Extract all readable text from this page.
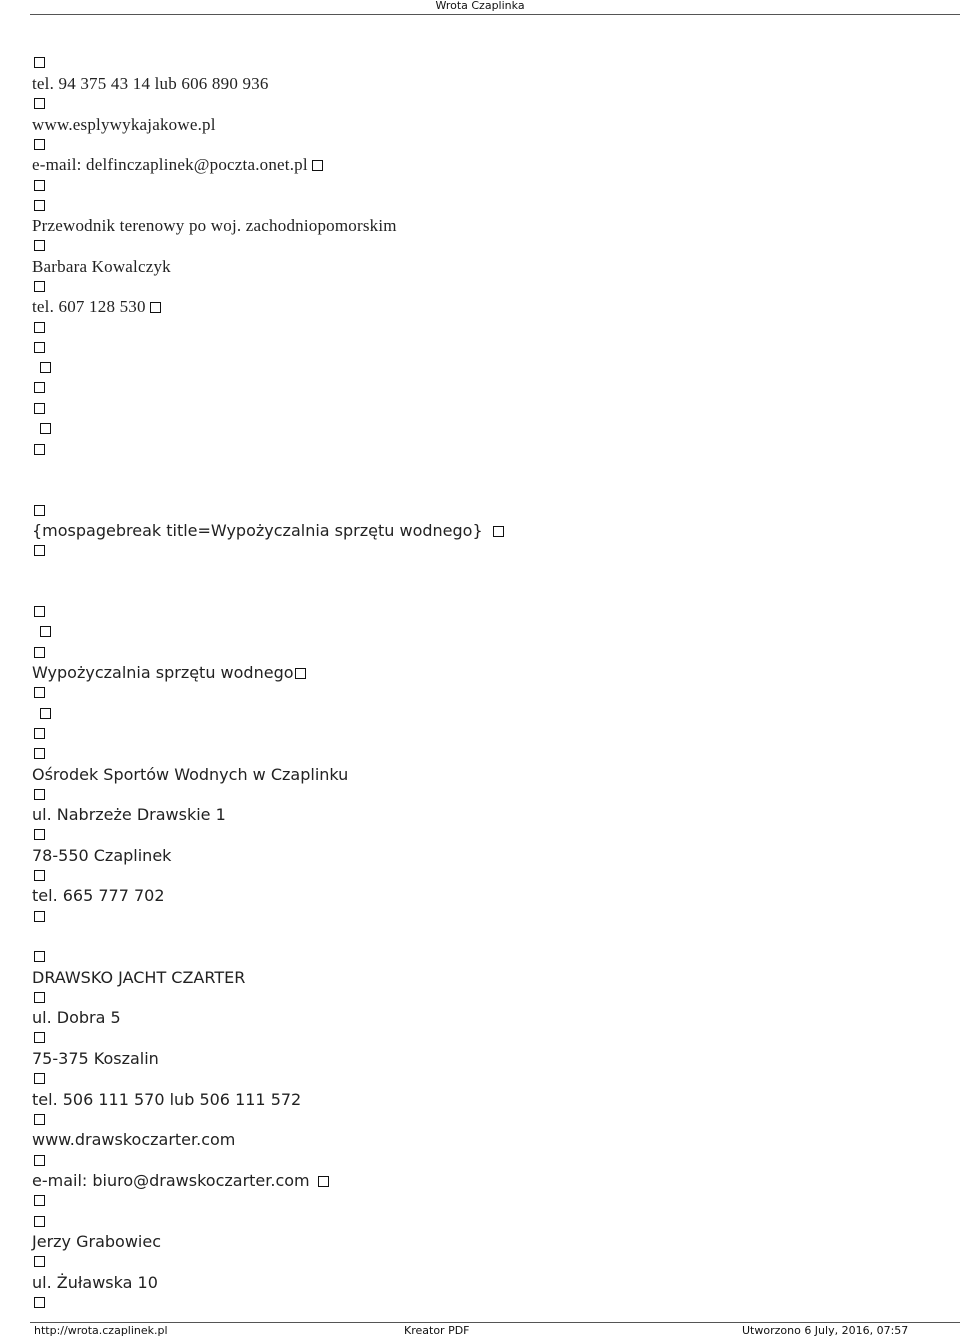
Wrota Czaplinka
tel. 94 375 43 14 lub 606 890 936
www.esplywykajakowe.pl
e-mail: delfinczaplinek@poczta.onet.pl
Przewodnik terenowy po woj. zachodniopomorskim
Barbara Kowalczyk
tel. 607 128 530
{mospagebreak title=Wypożyczalnia sprzętu wodnego}
Wypożyczalnia sprzętu wodnego
Ośrodek Sportów Wodnych w Czaplinku
ul. Nabrzeże Drawskie 1
78-550 Czaplinek
tel. 665 777 702
DRAWSKO JACHT CZARTER
ul. Dobra 5
75-375 Koszalin
tel. 506 111 570 lub 506 111 572
www.drawskoczarter.com
e-mail: biuro@drawskoczarter.com
Jerzy Grabowiec
ul. Żuławska 10
http://wrota.czaplinek.pl	Kreator PDF	Utworzono 6 July, 2016, 07:57
